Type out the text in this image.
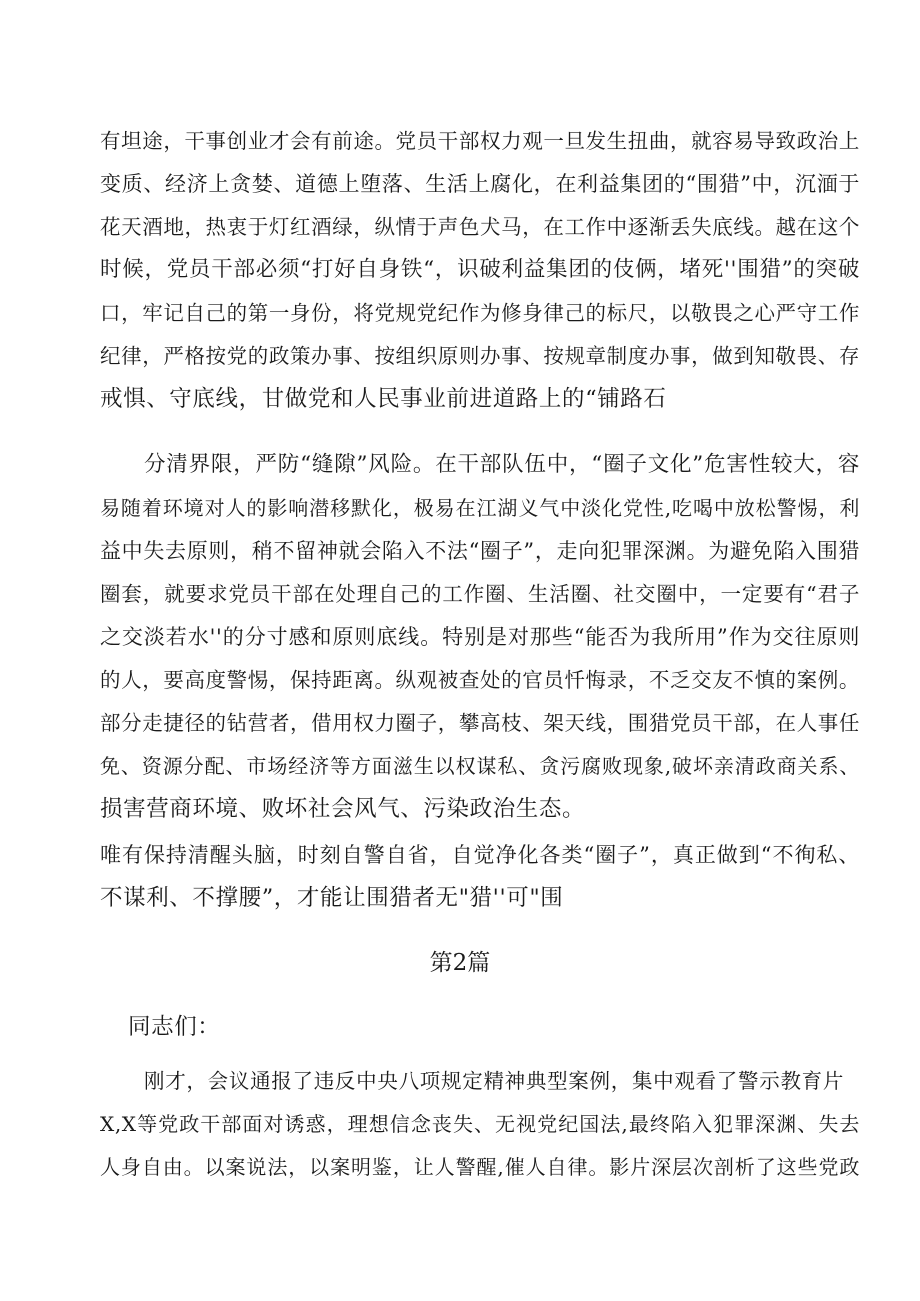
有坦途，干事创业才会有前途。党员干部权力观一旦发生扭曲，就容易导致政治上
变质、经济上贪婪、道德上堕落、生活上腐化，在利益集团的“围猎”中，沉湎于
花天酒地，热衷于灯红酒绿，纵情于声色犬马，在工作中逐渐丢失底线。越在这个
时候，党员干部必须“打好自身铁“，识破利益集团的伎俩，堵死''围猎”的突破
口，牢记自己的第一身份，将党规党纪作为修身律己的标尺，以敬畏之心严守工作
纪律，严格按党的政策办事、按组织原则办事、按规章制度办事，做到知敬畏、存
戒惧、守底线，甘做党和人民事业前进道路上的“铺路石
分清界限，严防“缝隙”风险。在干部队伍中，“圈子文化”危害性较大，容
易随着环境对人的影响潜移默化，极易在江湖义气中淡化党性,吃喝中放松警惕，利
益中失去原则，稍不留神就会陷入不法“圈子”，走向犯罪深渊。为避免陷入围猎
圈套，就要求党员干部在处理自己的工作圈、生活圈、社交圈中，一定要有“君子
之交淡若水''的分寸感和原则底线。特别是对那些“能否为我所用”作为交往原则
的人，要高度警惕，保持距离。纵观被查处的官员忏悔录，不乏交友不慎的案例。
部分走捷径的钻营者，借用权力圈子，攀高枝、架天线，围猎党员干部，在人事任
免、资源分配、市场经济等方面滋生以权谋私、贪污腐败现象,破坏亲清政商关系、
损害营商环境、败坏社会风气、污染政治生态。
唯有保持清醒头脑，时刻自警自省，自觉净化各类“圈子”，真正做到“不徇私、
不谋利、不撑腰”，才能让围猎者无"猎''可"围
第2篇
同志们：
刚才，会议通报了违反中央八项规定精神典型案例，集中观看了警示教育片
X,X等党政干部面对诱惑，理想信念丧失、无视党纪国法,最终陷入犯罪深渊、失去
人身自由。以案说法，以案明鉴，让人警醒,催人自律。影片深层次剖析了这些党政
